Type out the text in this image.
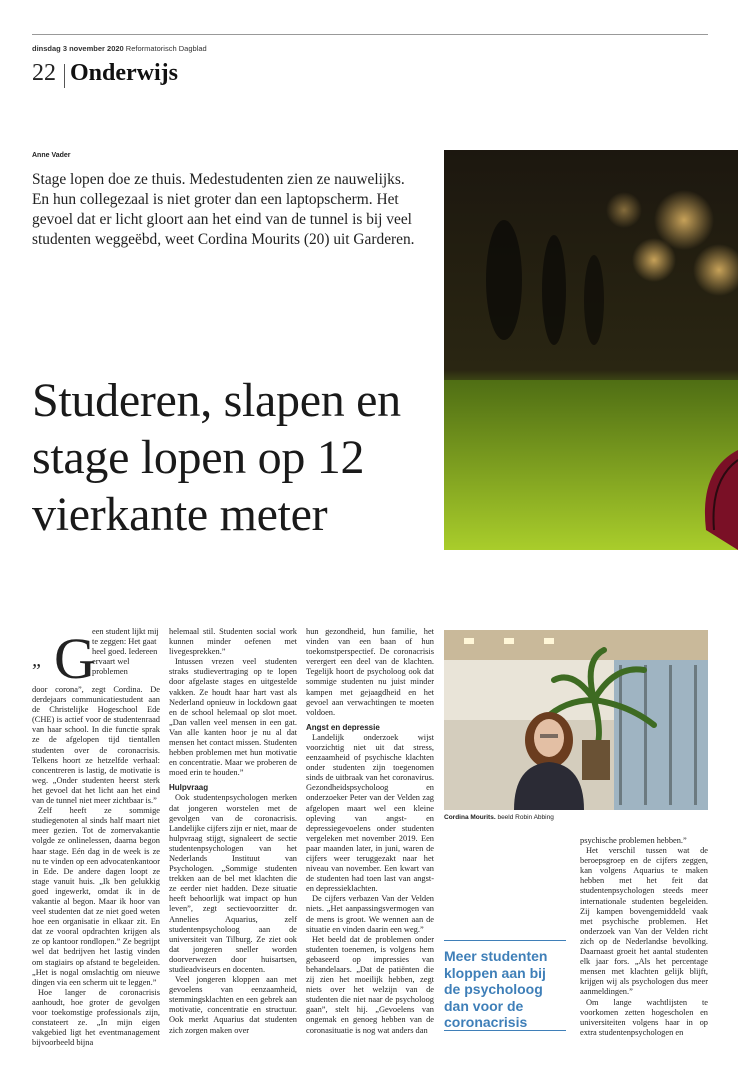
dinsdag 3 november 2020 Reformatorisch Dagblad
22 Onderwijs
Anne Vader
Stage lopen doe ze thuis. Medestudenten zien ze nauwelijks. En hun collegezaal is niet groter dan een laptopscherm. Het gevoel dat er licht gloort aan het eind van de tunnel is bij veel studenten weggeëbd, weet Cordina Mourits (20) uit Garderen.
Studeren, slapen en stage lopen op 12 vierkante meter
„ G
een student lijkt mij te zeggen: Het gaat heel goed. Iedereen ervaart wel problemen

door corona”, zegt Cordina. De derdejaars communicatiestudent aan de Christelijke Hogeschool Ede (CHE) is actief voor de studentenraad van haar school. In die functie sprak ze de afgelopen tijd tientallen studenten over de coronacrisis. Telkens hoort ze hetzelfde verhaal: concentreren is lastig, de motivatie is weg. „Onder studenten heerst sterk het gevoel dat het licht aan het eind van de tunnel niet meer zichtbaar is.”

Zelf heeft ze sommige studiegenoten al sinds half maart niet meer gezien. Tot de zomervakantie volgde ze onlinelessen, daarna begon haar stage. Eén dag in de week is ze nu te vinden op een advocatenkantoor in Ede. De andere dagen loopt ze stage vanuit huis. „Ik ben gelukkig goed ingewerkt, omdat ik in de vakantie al begon. Maar ik hoor van veel studenten dat ze niet goed weten hoe een organisatie in elkaar zit. En dat ze vooral opdrachten krijgen als ze op kantoor rondlopen.” Ze begrijpt wel dat bedrijven het lastig vinden om stagiairs op afstand te begeleiden. „Het is nogal omslachtig om nieuwe dingen via een scherm uit te leggen.”

Hoe langer de coronacrisis aanhoudt, hoe groter de gevolgen voor toekomstige professionals zijn, constateert ze. „In mijn eigen vakgebied ligt het eventmanagement bijvoorbeeld bijna

helemaal stil. Studenten social work kunnen minder oefenen met livegesprekken.”

Intussen vrezen veel studenten straks studievertraging op te lopen door afgelaste stages en uitgestelde vakken. Ze houdt haar hart vast als Nederland opnieuw in lockdown gaat en de school helemaal op slot moet. „Dan vallen veel mensen in een gat. Van alle kanten hoor je nu al dat mensen het contact missen. Studenten hebben problemen met hun motivatie en concentratie. Maar we proberen de moed erin te houden.”

Hulpvraag

Ook studentenpsychologen merken dat jongeren worstelen met de gevolgen van de coronacrisis. Landelijke cijfers zijn er niet, maar de hulpvraag stijgt, signaleert de sectie studentenpsychologen van het Nederlands Instituut van Psychologen. „Sommige studenten trekken aan de bel met klachten die ze eerder niet hadden. Deze situatie heeft behoorlijk wat impact op hun leven”, zegt sectievoorzitter dr. Annelies Aquarius, zelf studentenpsycholoog aan de universiteit van Tilburg. Ze ziet ook dat jongeren sneller worden doorverwezen door huisartsen, studieadviseurs en docenten.

Veel jongeren kloppen aan met gevoelens van eenzaamheid, stemmingsklachten en een gebrek aan motivatie, concentratie en structuur. Ook merkt Aquarius dat studenten zich zorgen maken over

hun gezondheid, hun familie, het vinden van een baan of hun toekomstperspectief. De coronacrisis verergert een deel van de klachten. Tegelijk hoort de psycholoog ook dat sommige studenten nu juist minder kampen met gejaagdheid en het gevoel aan verwachtingen te moeten voldoen.

Angst en depressie

Landelijk onderzoek wijst voorzichtig niet uit dat stress, eenzaamheid of psychische klachten onder studenten zijn toegenomen sinds de uitbraak van het coronavirus. Gezondheidspsycholoog en onderzoeker Peter van der Velden zag afgelopen maart wel een kleine opleving van angst- en depressiegevoelens onder studenten vergeleken met november 2019. Een paar maanden later, in juni, waren de cijfers weer teruggezakt naar het niveau van november. Een kwart van de studenten had toen last van angst- en depressieklachten.

De cijfers verbazen Van der Velden niets. „Het aanpassingsvermogen van de mens is groot. We wennen aan de situatie en vinden daarin een weg.”

Het beeld dat de problemen onder studenten toenemen, is volgens hem gebaseerd op impressies van behandelaars. „Dat de patiënten die zij zien het moeilijk hebben, zegt niets over het welzijn van de studenten die niet naar de psycholoog gaan”, stelt hij. „Gevoelens van ongemak en genoeg hebben van de coronasituatie is nog wat anders dan

Cordina Mourits. beeld Robin Abbing
Meer studenten kloppen aan bij de psycholoog dan voor de coronacrisis

psychische problemen hebben.”

Het verschil tussen wat de beroepsgroep en de cijfers zeggen, kan volgens Aquarius te maken hebben met het feit dat studentenpsychologen steeds meer internationale studenten begeleiden. Zij kampen bovengemiddeld vaak met psychische problemen. Het onderzoek van Van der Velden richt zich op de Nederlandse bevolking. Daarnaast groeit het aantal studenten elk jaar fors. „Als het percentage mensen met klachten gelijk blijft, krijgen wij als psychologen dus meer aanmeldingen.”

Om lange wachtlijsten te voorkomen zetten hogescholen en universiteiten volgens haar in op extra studentenpsychologen en
